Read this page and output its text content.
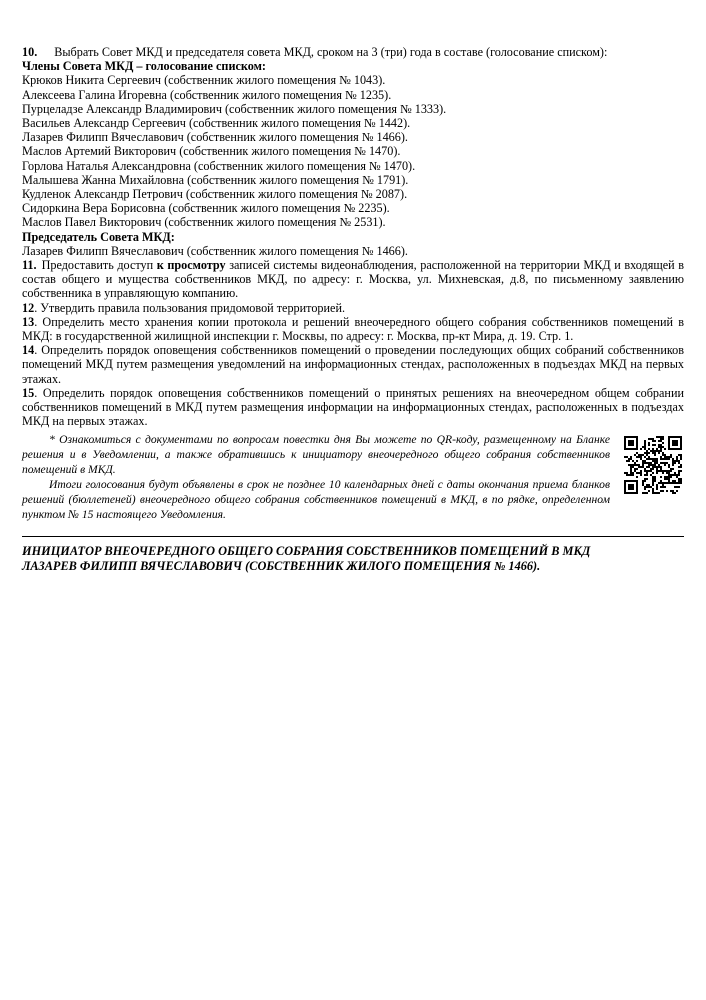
10. Выбрать Совет МКД и председателя совета МКД, сроком на 3 (три) года в составе (голосование списком):

Члены Совета МКД – голосование списком:

Крюков Никита Сергеевич (собственник жилого помещения № 1043).
Алексеева Галина Игоревна (собственник жилого помещения № 1235).
Пурцеладзе Александр Владимирович (собственник жилого помещения № 1333).
Васильев Александр Сергеевич (собственник жилого помещения № 1442).
Лазарев Филипп Вячеславович (собственник жилого помещения № 1466).
Маслов Артемий Викторович (собственник жилого помещения № 1470).
Горлова Наталья Александровна (собственник жилого помещения № 1470).
Малышева Жанна Михайловна (собственник жилого помещения № 1791).
Кудленок Александр Петрович (собственник жилого помещения № 2087).
Сидоркина Вера Борисовна (собственник жилого помещения № 2235).
Маслов Павел Викторович (собственник жилого помещения № 2531).

Председатель Совета МКД:

Лазарев Филипп Вячеславович (собственник жилого помещения № 1466).

11. Предоставить доступ к просмотру записей системы видеонаблюдения, расположенной на территории МКД и входящей в состав общего и мущества собственников МКД, по адресу: г. Москва, ул. Михневская, д.8, по письменному заявлению собственника в управляющую компанию.

12. Утвердить правила пользования придомовой территорией.

13. Определить место хранения копии протокола и решений внеочередного общего собрания собственников помещений в МКД: в государственной жилищной инспекции г. Москвы, по адресу: г. Москва, пр-кт Мира, д. 19. Стр. 1.

14. Определить порядок оповещения собственников помещений о проведении последующих общих собраний собственников помещений МКД путем размещения уведомлений на информационных стендах, расположенных в подъездах МКД на первых этажах.

15. Определить порядок оповещения собственников помещений о принятых решениях на внеочередном общем собрании собственников помещений в МКД путем размещения информации на информационных стендах, расположенных в подъездах МКД на первых этажах.

* Ознакомиться с документами по вопросам повестки дня Вы можете по QR-коду, размещенному на Бланке решения и в Уведомлении, а также обратившись к инициатору внеочередного общего собрания собственников помещений в МКД.

Итоги голосования будут объявлены в срок не позднее 10 календарных дней с даты окончания приема бланков решений (бюллетеней) внеочередного общего собрания собственников помещений в МКД, в по рядке, определенном пунктом № 15 настоящего Уведомления.

ИНИЦИАТОР ВНЕОЧЕРЕДНОГО ОБЩЕГО СОБРАНИЯ СОБСТВЕННИКОВ ПОМЕЩЕНИЙ В МКД
ЛАЗАРЕВ ФИЛИПП ВЯЧЕСЛАВОВИЧ (СОБСТВЕННИК ЖИЛОГО ПОМЕЩЕНИЯ № 1466).
